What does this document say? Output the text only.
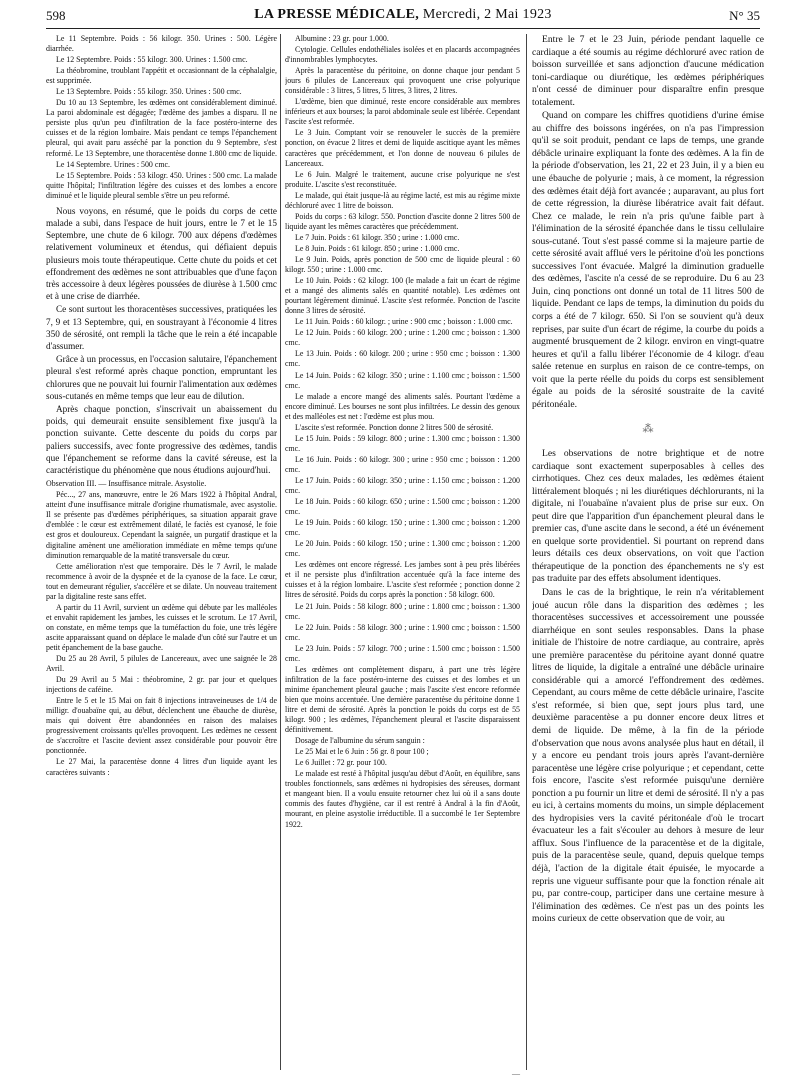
598	LA PRESSE MÉDICALE, Mercredi, 2 Mai 1923	N° 35

Le 11 Septembre. Poids : 56 kilogr. 350. Urines : 500. Légère diarrhée.

Le 12 Septembre. Poids : 55 kilogr. 300. Urines : 1.500 cmc.

La théobromine, troublant l'appétit et occasionnant de la céphalalgie, est supprimée.

Le 13 Septembre. Poids : 55 kilogr. 350. Urines : 500 cmc.

Du 10 au 13 Septembre, les œdèmes ont considérablement diminué. La paroi abdominale est dégagée; l'œdème des jambes a disparu. Il ne persiste plus qu'un peu d'infiltration de la face postéro-interne des cuisses et de la région lombaire. Mais pendant ce temps l'épanchement pleural, qui avait paru asséché par la ponction du 9 Septembre, s'est reformé. Le 13 Septembre, une thoracentèse donne 1.800 cmc de liquide.

Le 14 Septembre. Urines : 500 cmc.

Le 15 Septembre. Poids : 53 kilogr. 450. Urines : 500 cmc. La malade quitte l'hôpital; l'infiltration légère des cuisses et des lombes a encore diminué et le liquide pleural semble s'être un peu reformé.

Nous voyons, en résumé, que le poids du corps de cette malade a subi, dans l'espace de huit jours, entre le 7 et le 15 Septembre, une chute de 6 kilogr. 700 aux dépens d'œdèmes relativement volumineux et étendus, qui défiaient depuis plusieurs mois toute thérapeutique. Cette chute du poids et cet effondrement des œdèmes ne sont attribuables que d'une façon très accessoire à deux légères poussées de diurèse à 1.500 cmc et à une crise de diarrhée.

Ce sont surtout les thoracentèses successives, pratiquées les 7, 9 et 13 Septembre, qui, en soustrayant à l'économie 4 litres 350 de sérosité, ont rempli la tâche que le rein a été incapable d'assumer.

Grâce à un processus, en l'occasion salutaire, l'épanchement pleural s'est reformé après chaque ponction, empruntant les chlorures que ne pouvait lui fournir l'alimentation aux œdèmes sous-cutanés en même temps que leur eau de dilution.

Après chaque ponction, s'inscrivait un abaissement du poids, qui demeurait ensuite sensiblement fixe jusqu'à la ponction suivante. Cette descente du poids du corps par paliers successifs, avec fonte progressive des œdèmes, tandis que l'épanchement se reforme dans la cavité séreuse, est la caractéristique du phénomène que nous étudions aujourd'hui.

Observation III. — Insuffisance mitrale. Asystolie.

Péc..., 27 ans, manœuvre, entre le 26 Mars 1922 à l'hôpital Andral, atteint d'une insuffisance mitrale d'origine rhumatismale, avec asystolie. Il se présente pas d'œdèmes périphériques, sa situation apparait grave d'emblée : le cœur est extrêmement dilaté, le faciès est cyanosé, le foie est gros et douloureux. Cependant la saignée, un purgatif drastique et la digitaline amènent une amélioration immédiate en même temps qu'une diminution remarquable de la matité transversale du cœur.

Cette amélioration n'est que temporaire. Dès le 7 Avril, le malade recommence à avoir de la dyspnée et de la cyanose de la face. Le cœur, tout en demeurant régulier, s'accélère et se dilate. Un nouveau traitement par la digitaline reste sans effet.

A partir du 11 Avril, survient un œdème qui débute par les malléoles et envahit rapidement les jambes, les cuisses et le scrotum. Le 17 Avril, on constate, en même temps que la tuméfaction du foie, une très légère ascite apparaissant quand on déplace le malade d'un côté sur l'autre et un petit épanchement de la base gauche.

Du 25 au 28 Avril, 5 pilules de Lancereaux, avec une saignée le 28 Avril.

Du 29 Avril au 5 Mai : théobromine, 2 gr. par jour et quelques injections de caféine.

Entre le 5 et le 15 Mai on fait 8 injections intraveineuses de 1/4 de milligr. d'ouabaïne qui, au début, déclenchent une ébauche de diurèse, mais qui doivent être abandonnées en raison des malaises progressivement croissants qu'elles provoquent. Les œdèmes ne cessent de s'accroître et l'ascite devient assez considérable pour pouvoir être ponctionnée.

Le 27 Mai, la paracentèse donne 4 litres d'un liquide ayant les caractères suivants :

Albumine : 23 gr. pour 1.000.

Cytologie. Cellules endothéliales isolées et en placards accompagnées d'innombrables lymphocytes.

Après la paracentèse du péritoine, on donne chaque jour pendant 5 jours 6 pilules de Lancereaux qui provoquent une crise polyurique considérable : 3 litres, 5 litres, 5 litres, 3 litres, 2 litres.

L'œdème, bien que diminué, reste encore considérable aux membres inférieurs et aux bourses; la paroi abdominale seule est libérée. Cependant l'ascite s'est reformée.

Le 3 Juin. Comptant voir se renouveler le succès de la première ponction, on évacue 2 litres et demi de liquide ascitique ayant les mêmes caractères que précédemment, et l'on donne de nouveau 6 pilules de Lancereaux.

Le 6 Juin. Malgré le traitement, aucune crise polyurique ne s'est produite. L'ascite s'est reconstituée.

Le malade, qui était jusque-là au régime lacté, est mis au régime mixte déchloruré avec 1 litre de boisson.

Poids du corps : 63 kilogr. 550. Ponction d'ascite donne 2 litres 500 de liquide ayant les mêmes caractères que précédemment.

Le 7 Juin. Poids : 61 kilogr. 350 ; urine : 1.000 cmc.

Le 8 Juin. Poids : 61 kilogr. 850 ; urine : 1.000 cmc.

Le 9 Juin. Poids, après ponction de 500 cmc de liquide pleural : 60 kilogr. 550 ; urine : 1.000 cmc.

Le 10 Juin. Poids : 62 kilogr. 100 (le malade a fait un écart de régime et a mangé des aliments salés en quantité notable). Les œdèmes ont pourtant légèrement diminué. L'ascite s'est reformée. Ponction de l'ascite donne 3 litres de sérosité.

Le 11 Juin. Poids : 60 kilogr. ; urine : 900 cmc ; boisson : 1.000 cmc.

Le 12 Juin. Poids : 60 kilogr. 200 ; urine : 1.200 cmc ; boisson : 1.300 cmc.

Le 13 Juin. Poids : 60 kilogr. 200 ; urine : 950 cmc ; boisson : 1.300 cmc.

Le 14 Juin. Poids : 62 kilogr. 350 ; urine : 1.100 cmc ; boisson : 1.500 cmc.

Le malade a encore mangé des aliments salés. Pourtant l'œdème a encore diminué. Les bourses ne sont plus infiltrées. Le dessin des genoux et des malléoles est net : l'œdème est plus mou.

L'ascite s'est reformée. Ponction donne 2 litres 500 de sérosité.

Le 15 Juin. Poids : 59 kilogr. 800 ; urine : 1.300 cmc ; boisson : 1.300 cmc.

Le 16 Juin. Poids : 60 kilogr. 300 ; urine : 950 cmc ; boisson : 1.200 cmc.

Le 17 Juin. Poids : 60 kilogr. 350 ; urine : 1.150 cmc ; boisson : 1.200 cmc.

Le 18 Juin. Poids : 60 kilogr. 650 ; urine : 1.500 cmc ; boisson : 1.200 cmc.

Le 19 Juin. Poids : 60 kilogr. 150 ; urine : 1.300 cmc ; boisson : 1.200 cmc.

Le 20 Juin. Poids : 60 kilogr. 150 ; urine : 1.300 cmc ; boisson : 1.200 cmc.

Les œdèmes ont encore régressé. Les jambes sont à peu près libérées et il ne persiste plus d'infiltration accentuée qu'à la face interne des cuisses et à la région lombaire. L'ascite s'est reformée ; ponction donne 2 litres de sérosité. Poids du corps après la ponction : 58 kilogr. 600.

Le 21 Juin. Poids : 58 kilogr. 800 ; urine : 1.800 cmc ; boisson : 1.300 cmc.

Le 22 Juin. Poids : 58 kilogr. 300 ; urine : 1.900 cmc ; boisson : 1.500 cmc.

Le 23 Juin. Poids : 57 kilogr. 700 ; urine : 1.500 cmc ; boisson : 1.500 cmc.

Les œdèmes ont complètement disparu, à part une très légère infiltration de la face postéro-interne des cuisses et des lombes et un minime épanchement pleural gauche ; mais l'ascite s'est encore reformée bien que moins accentuée. Une dernière paracentèse du péritoine donne 1 litre et demi de sérosité. Après la ponction le poids du corps est de 55 kilogr. 900 ; les œdèmes, l'épanchement pleural et l'ascite disparaissent définitivement.

Dosage de l'albumine du sérum sanguin :

Le 25 Mai et le 6 Juin : 56 gr. 8 pour 100 ;

Le 6 Juillet : 72 gr. pour 100.

Le malade est resté à l'hôpital jusqu'au début d'Août, en équilibre, sans troubles fonctionnels, sans œdèmes ni hydropisies des séreuses, dormant et mangeant bien. Il a voulu ensuite retourner chez lui où il a sans doute commis des fautes d'hygiène, car il est rentré à Andral à la fin d'Août, mourant, en pleine asystolie irréductible. Il a succombé le 1er Septembre 1922.

Entre le 7 et le 23 Juin, période pendant laquelle ce cardiaque a été soumis au régime déchloruré avec ration de boisson surveillée et sans adjonction d'aucune médication toni-cardiaque ou diurétique, les œdèmes périphériques n'ont cessé de diminuer pour disparaître enfin presque totalement.

Quand on compare les chiffres quotidiens d'urine émise au chiffre des boissons ingérées, on n'a pas l'impression qu'il se soit produit, pendant ce laps de temps, une grande débâcle urinaire expliquant la fonte des œdèmes. A la fin de la période d'observation, les 21, 22 et 23 Juin, il y a bien eu une ébauche de polyurie ; mais, à ce moment, la régression des œdèmes était déjà fort avancée ; auparavant, au plus fort de cette régression, la diurèse libératrice avait fait défaut. Chez ce malade, le rein n'a pris qu'une faible part à l'élimination de la sérosité épanchée dans le tissu cellulaire sous-cutané. Tout s'est passé comme si la majeure partie de cette sérosité avait afflué vers le péritoine d'où les ponctions successives l'ont évacuée. Malgré la diminution graduelle des œdèmes, l'ascite n'a cessé de se reproduire. Du 6 au 23 Juin, cinq ponctions ont donné un total de 11 litres 500 de liquide. Pendant ce laps de temps, la diminution du poids du corps a été de 7 kilogr. 650. Si l'on se souvient qu'à deux reprises, par suite d'un écart de régime, la courbe du poids a augmenté brusquement de 2 kilogr. environ en vingt-quatre heures et qu'il a fallu libérer l'économie de 4 kilogr. d'eau salée retenue en surplus en raison de ce contre-temps, on voit que la perte réelle du poids du corps est sensiblement égale au poids de la sérosité soustraite de la cavité péritonéale.

⁂

Les observations de notre brightique et de notre cardiaque sont exactement superposables à celles des cirrhotiques. Chez ces deux malades, les œdèmes étaient littéralement bloqués ; ni les diurétiques déchlorurants, ni la digitale, ni l'ouabaïne n'avaient plus de prise sur eux. On peut dire que l'apparition d'un épanchement pleural dans le premier cas, d'une ascite dans le second, a été un événement en quelque sorte providentiel. Si pourtant on reprend dans leurs détails ces deux observations, on voit que l'action thérapeutique de la ponction des épanchements ne s'y est pas traduite par des effets absolument identiques.

Dans le cas de la brightique, le rein n'a véritablement joué aucun rôle dans la disparition des œdèmes ; les thoracentèses successives et accessoirement une poussée diarrhéique en sont seules responsables. Dans la phase initiale de l'histoire de notre cardiaque, au contraire, après une première paracentèse du péritoine ayant donné quatre litres de liquide, la digitale a entraîné une débâcle urinaire considérable qui a amorcé l'effondrement des œdèmes. Cependant, au cours même de cette débâcle urinaire, l'ascite s'est reformée, si bien que, sept jours plus tard, une deuxième paracentèse a pu donner encore deux litres et demi de liquide. De même, à la fin de la période d'observation que nous avons analysée plus haut en détail, il y a encore eu pendant trois jours après l'avant-dernière paracentèse une légère crise polyurique ; et cependant, cette fois encore, l'ascite s'est reformée puisqu'une dernière ponction a pu fournir un litre et demi de sérosité. Il n'y a pas eu ici, à certains moments du moins, un simple déplacement des hydropisies vers la cavité péritonéale d'où le trocart évacuateur les a fait s'écouler au dehors à mesure de leur afflux. Sous l'influence de la paracentèse et de la digitale, puis de la paracentèse seule, quand, depuis quelque temps déjà, l'action de la digitale était épuisée, le myocarde a repris une vigueur suffisante pour que la fonction rénale ait pu, par contre-coup, participer dans une certaine mesure à l'élimination des œdèmes. Ce n'est pas un des points les moins curieux de cette observation que de voir, au

—
